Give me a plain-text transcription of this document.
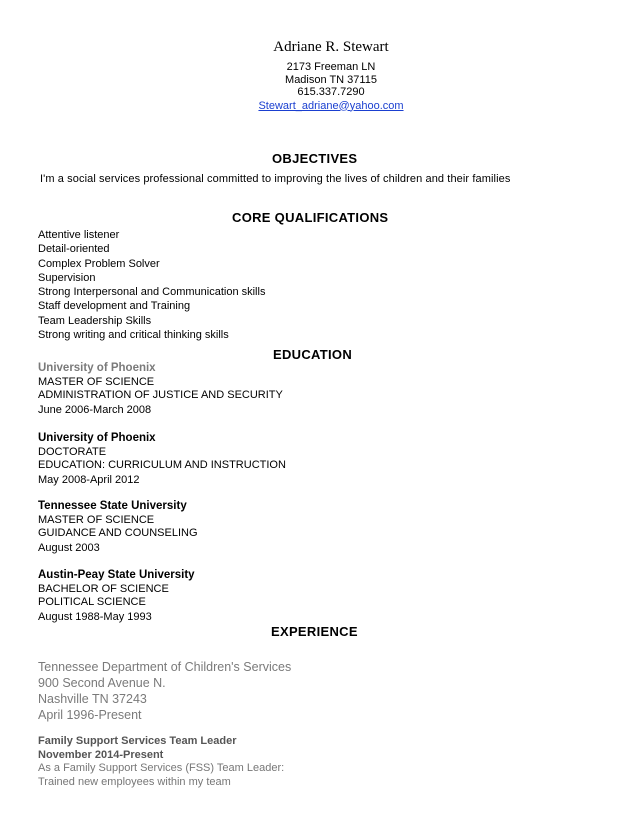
Adriane R. Stewart
2173 Freeman LN
Madison TN 37115
615.337.7290
Stewart_adriane@yahoo.com
OBJECTIVES
I'm a social services professional committed to improving the lives of children and their families
CORE QUALIFICATIONS
Attentive listener
Detail-oriented
Complex Problem Solver
Supervision
Strong Interpersonal and Communication skills
Staff development and Training
Team Leadership Skills
Strong writing and critical thinking skills
EDUCATION
University of Phoenix
MASTER OF SCIENCE
ADMINISTRATION OF JUSTICE AND SECURITY
June 2006-March 2008
University of Phoenix
DOCTORATE
EDUCATION: CURRICULUM AND INSTRUCTION
May 2008-April 2012
Tennessee State University
MASTER OF SCIENCE
GUIDANCE AND COUNSELING
August 2003
Austin-Peay State University
BACHELOR OF SCIENCE
POLITICAL SCIENCE
August 1988-May 1993
EXPERIENCE
Tennessee Department of Children's Services
900 Second Avenue N.
Nashville TN 37243
April 1996-Present
Family Support Services Team Leader
November 2014-Present
As a Family Support Services (FSS) Team Leader:
Trained new employees within my team
